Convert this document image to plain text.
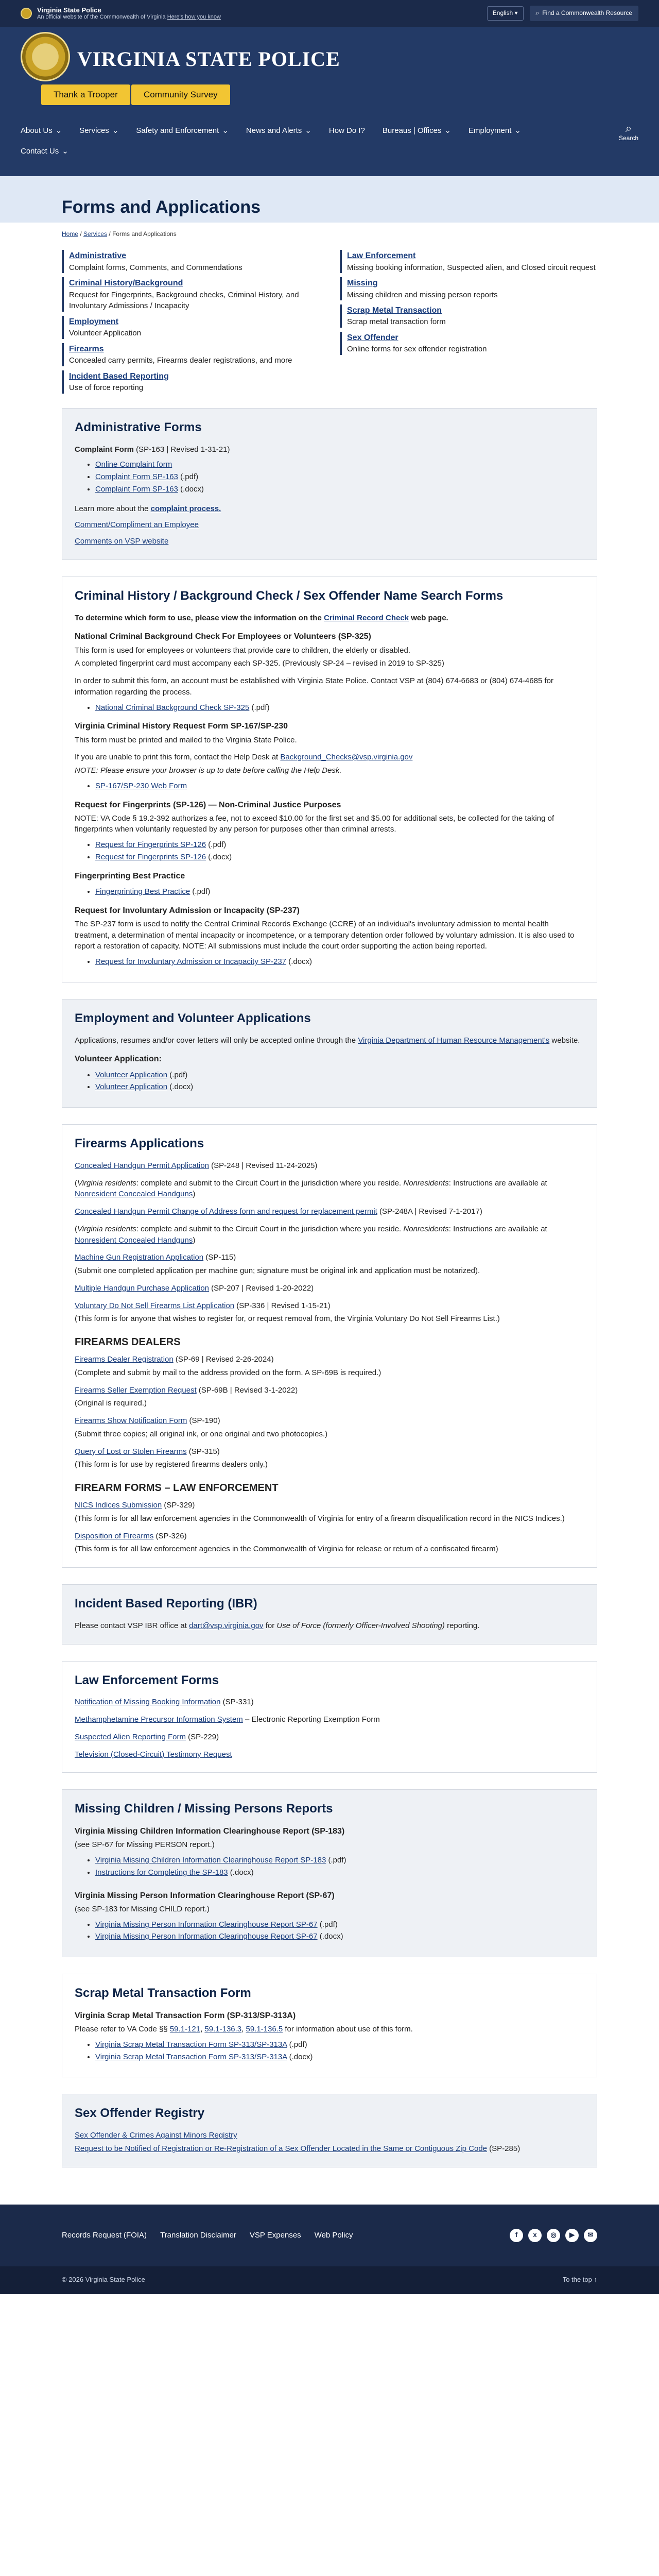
Virginia State Police
An official website of the Commonwealth of Virginia Here's how you know
English ▾	⌕ Find a Commonwealth Resource
VIRGINIA STATE POLICE
Thank a Trooper	Community Survey
About Us ⌄ Services ⌄ Safety and Enforcement ⌄ News and Alerts ⌄ How Do I? Bureaus | Offices ⌄ Employment ⌄
Contact Us ⌄
⌕
Search
Forms and Applications
Home / Services / Forms and Applications
Administrative
Complaint forms, Comments, and Commendations
Criminal History/Background
Request for Fingerprints, Background checks, Criminal History, and Involuntary Admissions / Incapacity
Employment
Volunteer Application
Firearms
Concealed carry permits, Firearms dealer registrations, and more
Incident Based Reporting
Use of force reporting
Law Enforcement
Missing booking information, Suspected alien, and Closed circuit request
Missing
Missing children and missing person reports
Scrap Metal Transaction
Scrap metal transaction form
Sex Offender
Online forms for sex offender registration
Administrative Forms

Complaint Form (SP-163 | Revised 1-31-21)

• Online Complaint form
• Complaint Form SP-163 (.pdf)
• Complaint Form SP-163 (.docx)

Learn more about the complaint process.

Comment/Compliment an Employee

Comments on VSP website

Criminal History / Background Check / Sex Offender Name Search Forms

To determine which form to use, please view the information on the Criminal Record Check web page.

National Criminal Background Check For Employees or Volunteers (SP-325)

This form is used for employees or volunteers that provide care to children, the elderly or disabled.

A completed fingerprint card must accompany each SP-325. (Previously SP-24 – revised in 2019 to SP-325)

In order to submit this form, an account must be established with Virginia State Police. Contact VSP at (804) 674-6683 or (804) 674-4685 for information regarding the process.

• National Criminal Background Check SP-325 (.pdf)
Virginia Criminal History Request Form SP-167/SP-230

This form must be printed and mailed to the Virginia State Police.

If you are unable to print this form, contact the Help Desk at Background_Checks@vsp.virginia.gov

NOTE: Please ensure your browser is up to date before calling the Help Desk.

• SP-167/SP-230 Web Form
Request for Fingerprints (SP-126) — Non-Criminal Justice Purposes

NOTE: VA Code § 19.2-392 authorizes a fee, not to exceed $10.00 for the first set and $5.00 for additional sets, be collected for the taking of fingerprints when voluntarily requested by any person for purposes other than criminal arrests.

• Request for Fingerprints SP-126 (.pdf)
• Request for Fingerprints SP-126 (.docx)
Fingerprinting Best Practice
• Fingerprinting Best Practice (.pdf)
Request for Involuntary Admission or Incapacity (SP-237)

The SP-237 form is used to notify the Central Criminal Records Exchange (CCRE) of an individual's involuntary admission to mental health treatment, a determination of mental incapacity or incompetence, or a temporary detention order followed by voluntary admission. It is also used to report a restoration of capacity. NOTE: All submissions must include the court order supporting the action being reported.

• Request for Involuntary Admission or Incapacity SP-237 (.docx)
Employment and Volunteer Applications

Applications, resumes and/or cover letters will only be accepted online through the Virginia Department of Human Resource Management's website.

Volunteer Application:
• Volunteer Application (.pdf)
• Volunteer Application (.docx)
Firearms Applications

Concealed Handgun Permit Application (SP-248 | Revised 11-24-2025)

(Virginia residents: complete and submit to the Circuit Court in the jurisdiction where you reside. Nonresidents: Instructions are available at Nonresident Concealed Handguns)

Concealed Handgun Permit Change of Address form and request for replacement permit (SP-248A | Revised 7-1-2017)

(Virginia residents: complete and submit to the Circuit Court in the jurisdiction where you reside. Nonresidents: Instructions are available at Nonresident Concealed Handguns)

Machine Gun Registration Application (SP-115)

(Submit one completed application per machine gun; signature must be original ink and application must be notarized).

Multiple Handgun Purchase Application (SP-207 | Revised 1-20-2022)

Voluntary Do Not Sell Firearms List Application (SP-336 | Revised 1-15-21)

(This form is for anyone that wishes to register for, or request removal from, the Virginia Voluntary Do Not Sell Firearms List.)

FIREARMS DEALERS

Firearms Dealer Registration (SP-69 | Revised 2-26-2024)

(Complete and submit by mail to the address provided on the form. A SP-69B is required.)

Firearms Seller Exemption Request (SP-69B | Revised 3-1-2022)

(Original is required.)

Firearms Show Notification Form (SP-190)

(Submit three copies; all original ink, or one original and two photocopies.)

Query of Lost or Stolen Firearms (SP-315)

(This form is for use by registered firearms dealers only.)

FIREARM FORMS – LAW ENFORCEMENT

NICS Indices Submission (SP-329)

(This form is for all law enforcement agencies in the Commonwealth of Virginia for entry of a firearm disqualification record in the NICS Indices.)

Disposition of Firearms (SP-326)

(This form is for all law enforcement agencies in the Commonwealth of Virginia for release or return of a confiscated firearm)

Incident Based Reporting (IBR)

Please contact VSP IBR office at dart@vsp.virginia.gov for Use of Force (formerly Officer-Involved Shooting) reporting.

Law Enforcement Forms

Notification of Missing Booking Information (SP-331)

Methamphetamine Precursor Information System – Electronic Reporting Exemption Form

Suspected Alien Reporting Form (SP-229)

Television (Closed-Circuit) Testimony Request

Missing Children / Missing Persons Reports
Virginia Missing Children Information Clearinghouse Report (SP-183)

(see SP-67 for Missing PERSON report.)

• Virginia Missing Children Information Clearinghouse Report SP-183 (.pdf)
• Instructions for Completing the SP-183 (.docx)
Virginia Missing Person Information Clearinghouse Report (SP-67)

(see SP-183 for Missing CHILD report.)

• Virginia Missing Person Information Clearinghouse Report SP-67 (.pdf)
• Virginia Missing Person Information Clearinghouse Report SP-67 (.docx)
Scrap Metal Transaction Form
Virginia Scrap Metal Transaction Form (SP-313/SP-313A)

Please refer to VA Code §§ 59.1-121, 59.1-136.3, 59.1-136.5 for information about use of this form.

• Virginia Scrap Metal Transaction Form SP-313/SP-313A (.pdf)
• Virginia Scrap Metal Transaction Form SP-313/SP-313A (.docx)
Sex Offender Registry

Sex Offender & Crimes Against Minors Registry

Request to be Notified of Registration or Re-Registration of a Sex Offender Located in the Same or Contiguous Zip Code (SP-285)

Records Request (FOIA) Translation Disclaimer VSP Expenses Web Policy	f	x	◎	▶	✉
© 2026 Virginia State Police	To the top ↑
